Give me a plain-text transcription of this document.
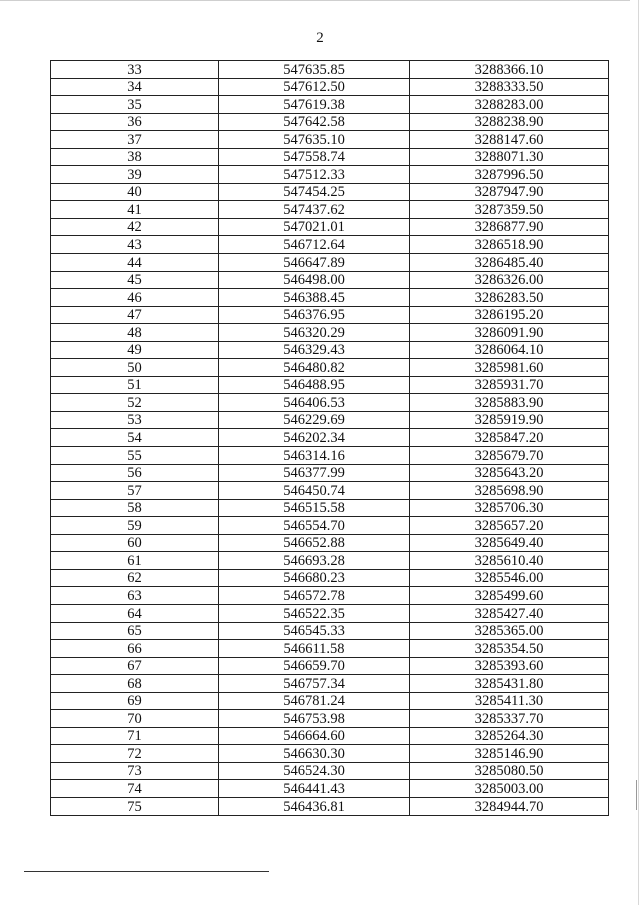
2
33	547635.85	3288366.10
34	547612.50	3288333.50
35	547619.38	3288283.00
36	547642.58	3288238.90
37	547635.10	3288147.60
38	547558.74	3288071.30
39	547512.33	3287996.50
40	547454.25	3287947.90
41	547437.62	3287359.50
42	547021.01	3286877.90
43	546712.64	3286518.90
44	546647.89	3286485.40
45	546498.00	3286326.00
46	546388.45	3286283.50
47	546376.95	3286195.20
48	546320.29	3286091.90
49	546329.43	3286064.10
50	546480.82	3285981.60
51	546488.95	3285931.70
52	546406.53	3285883.90
53	546229.69	3285919.90
54	546202.34	3285847.20
55	546314.16	3285679.70
56	546377.99	3285643.20
57	546450.74	3285698.90
58	546515.58	3285706.30
59	546554.70	3285657.20
60	546652.88	3285649.40
61	546693.28	3285610.40
62	546680.23	3285546.00
63	546572.78	3285499.60
64	546522.35	3285427.40
65	546545.33	3285365.00
66	546611.58	3285354.50
67	546659.70	3285393.60
68	546757.34	3285431.80
69	546781.24	3285411.30
70	546753.98	3285337.70
71	546664.60	3285264.30
72	546630.30	3285146.90
73	546524.30	3285080.50
74	546441.43	3285003.00
75	546436.81	3284944.70
